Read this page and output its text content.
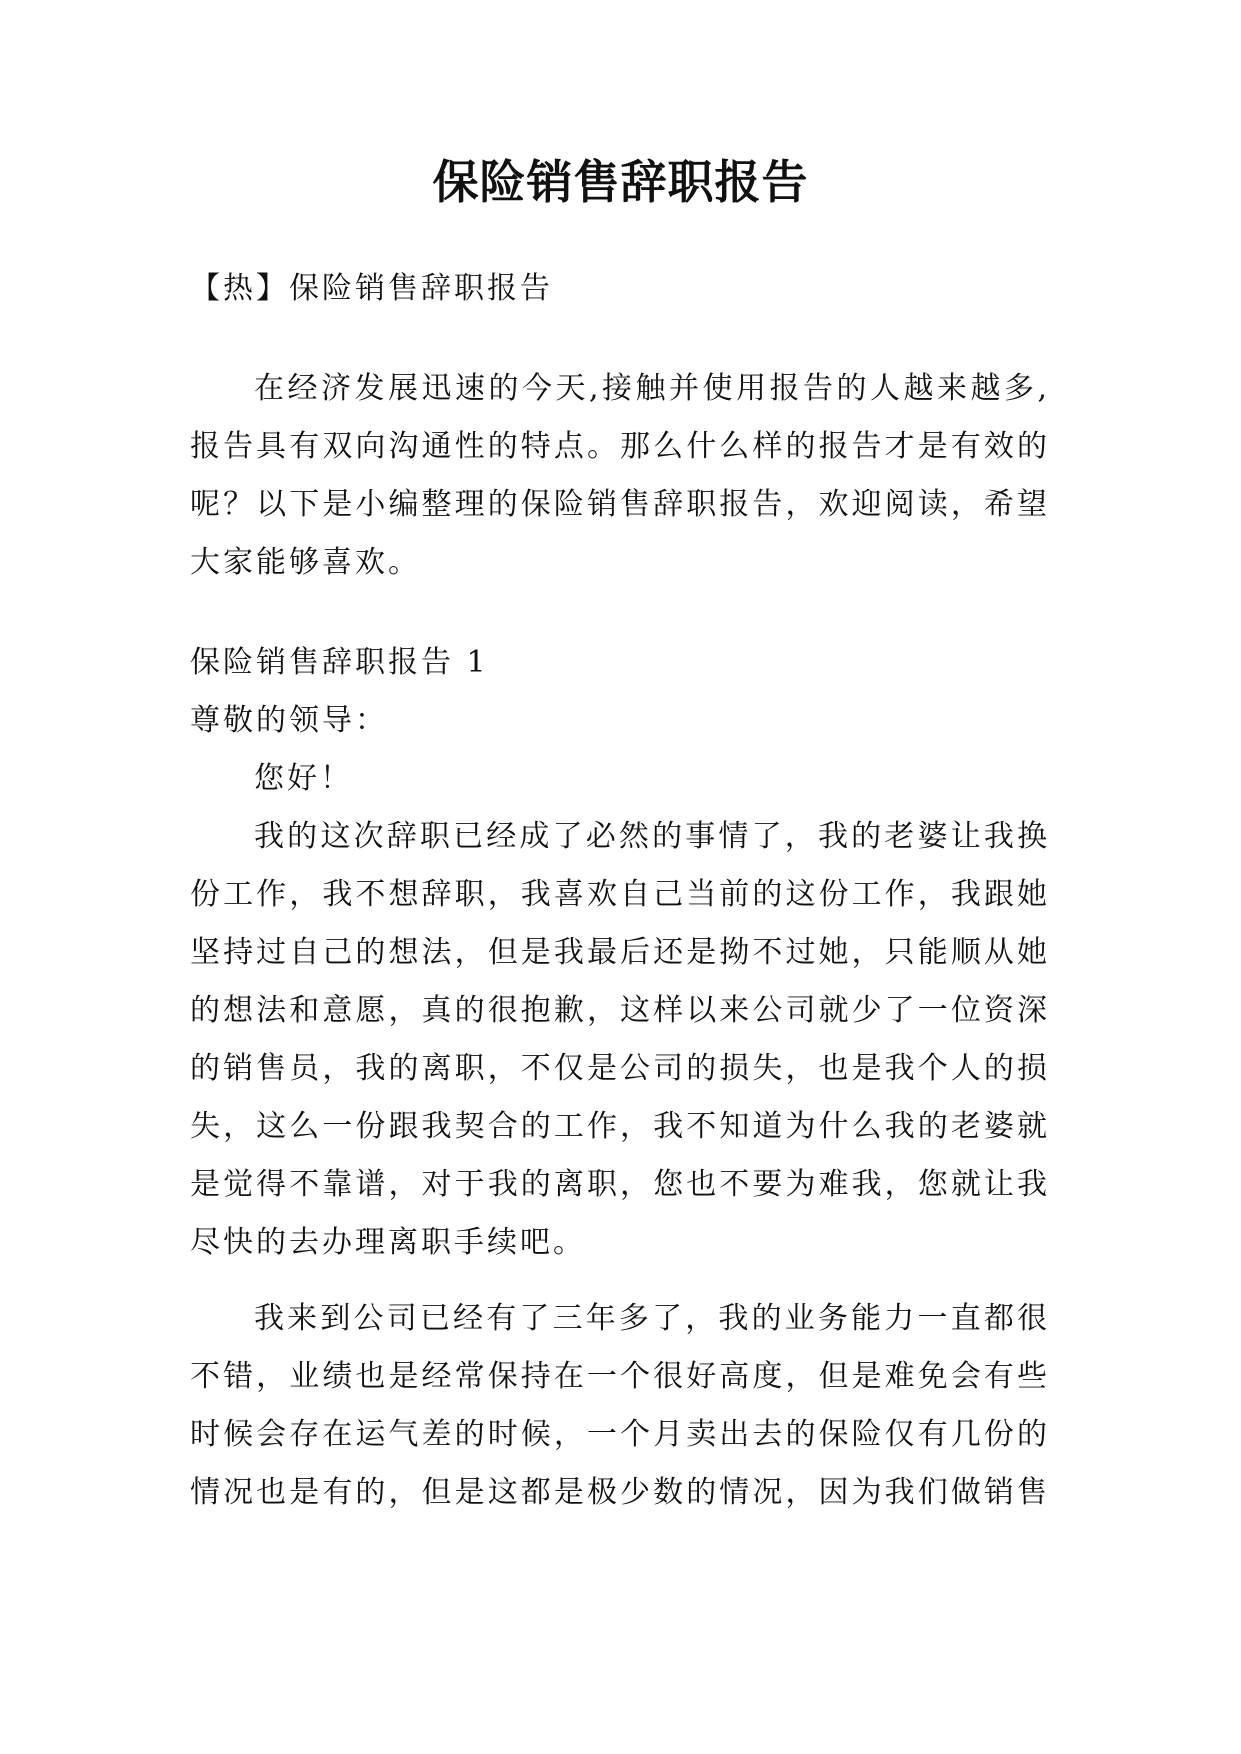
保险销售辞职报告

【热】保险销售辞职报告

在经济发展迅速的今天,接触并使用报告的人越来越多,

报告具有双向沟通性的特点。那么什么样的报告才是有效的

呢？以下是小编整理的保险销售辞职报告，欢迎阅读，希望

大家能够喜欢。

保险销售辞职报告 1

尊敬的领导：

您好！

我的这次辞职已经成了必然的事情了，我的老婆让我换

份工作，我不想辞职，我喜欢自己当前的这份工作，我跟她

坚持过自己的想法，但是我最后还是拗不过她，只能顺从她

的想法和意愿，真的很抱歉，这样以来公司就少了一位资深

的销售员，我的离职，不仅是公司的损失，也是我个人的损

失，这么一份跟我契合的工作，我不知道为什么我的老婆就

是觉得不靠谱，对于我的离职，您也不要为难我，您就让我

尽快的去办理离职手续吧。

我来到公司已经有了三年多了，我的业务能力一直都很

不错，业绩也是经常保持在一个很好高度，但是难免会有些

时候会存在运气差的时候，一个月卖出去的保险仅有几份的

情况也是有的，但是这都是极少数的情况，因为我们做销售
